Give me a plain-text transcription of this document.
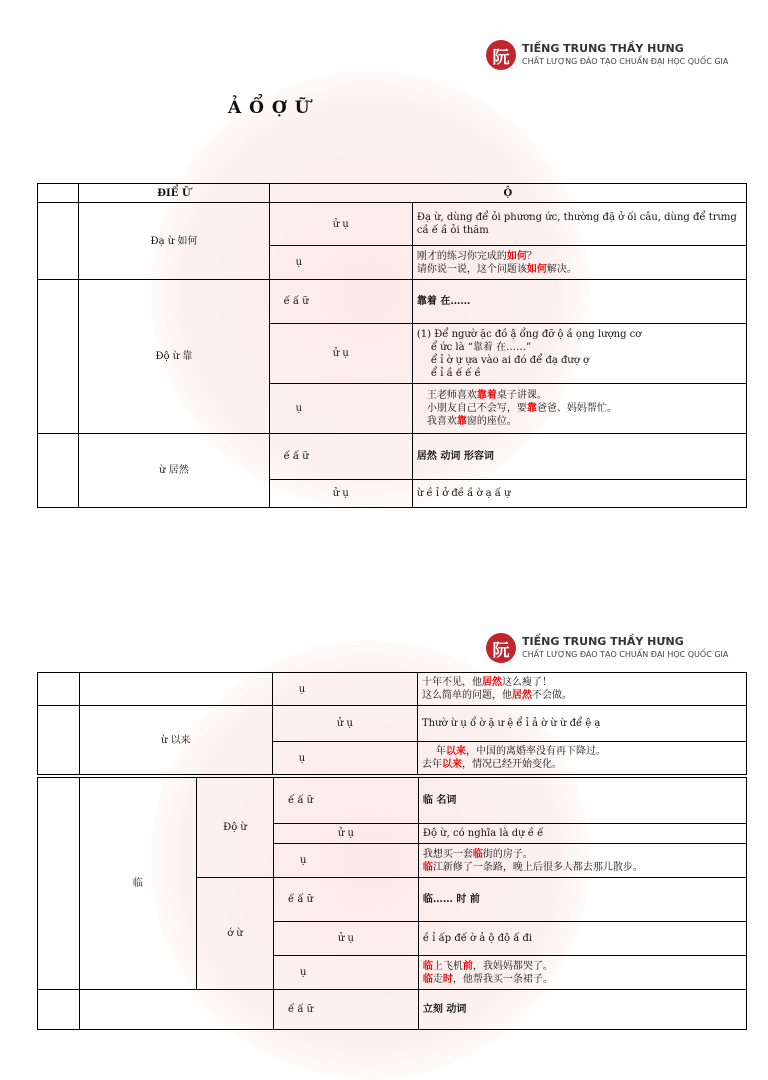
阮	TIẾNG TRUNG THẦY HƯNG
CHẤT LƯỢNG ĐÀO TẠO CHUẨN ĐẠI HỌC QUỐC GIA
Ả Ổ Ợ Ữ
	ĐIỂ Ữ	Ộ	
	Đạ ừ 如何	ử ụ	Đạ ừ, dùng để ỏi phương ức, thường đặ ở ối câu, dùng để trưng cầ ế ầ ỏi thăm
		ụ	刚才的练习你完成的如何？
请你说一说，这个问题该如何解决。

	Độ ừ 靠	ế ấ ữ	靠着 在……
		ử ụ	(1) Để ngườ ặc đồ ậ ổng đỡ ộ ầ ọng lượng cơ
ể ức là “靠着 在……”
ể ỉ ờ ự ựa vào ai đó để đạ đượ ợ
ể ỉ ầ ế ế ề

		ụ	王老师喜欢靠着桌子讲课。
小朋友自己不会写，要靠爸爸、妈妈帮忙。
我喜欢靠窗的座位。

	ừ 居然	ế ấ ữ	居然 动词 形容词
		ử ụ	ừ ề ỉ ở đề ầ ờ ạ ấ ự
阮	TIẾNG TRUNG THẦY HƯNG
CHẤT LƯỢNG ĐÀO TẠO CHUẨN ĐẠI HỌC QUỐC GIA
		ụ	十年不见，他居然这么瘦了！
这么简单的问题，他居然不会做。

	ừ 以来	ử ụ	Thườ ừ ụ ổ ờ ặ ư ệ ể ỉ ả ờ ừ ừ để ệ ạ
		ụ	年以来，中国的离婚率没有再下降过。
去年以来，情况已经开始变化。
	临	Độ ừ	ế ấ ữ	临 名词
			ử ụ	Độ ừ, có nghĩa là dự ề ế
			ụ	我想买一套临街的房子。
临江新修了一条路，晚上后很多人都去那儿散步。

		ớ ừ	ế ấ ữ	临…… 时 前
			ử ụ	ề ỉ ấp đế ờ ả ộ độ ấ đi
			ụ	临上飞机前，我妈妈都哭了。
临走时，他帮我买一条裙子。

			ế ấ ữ	立刻 动词
